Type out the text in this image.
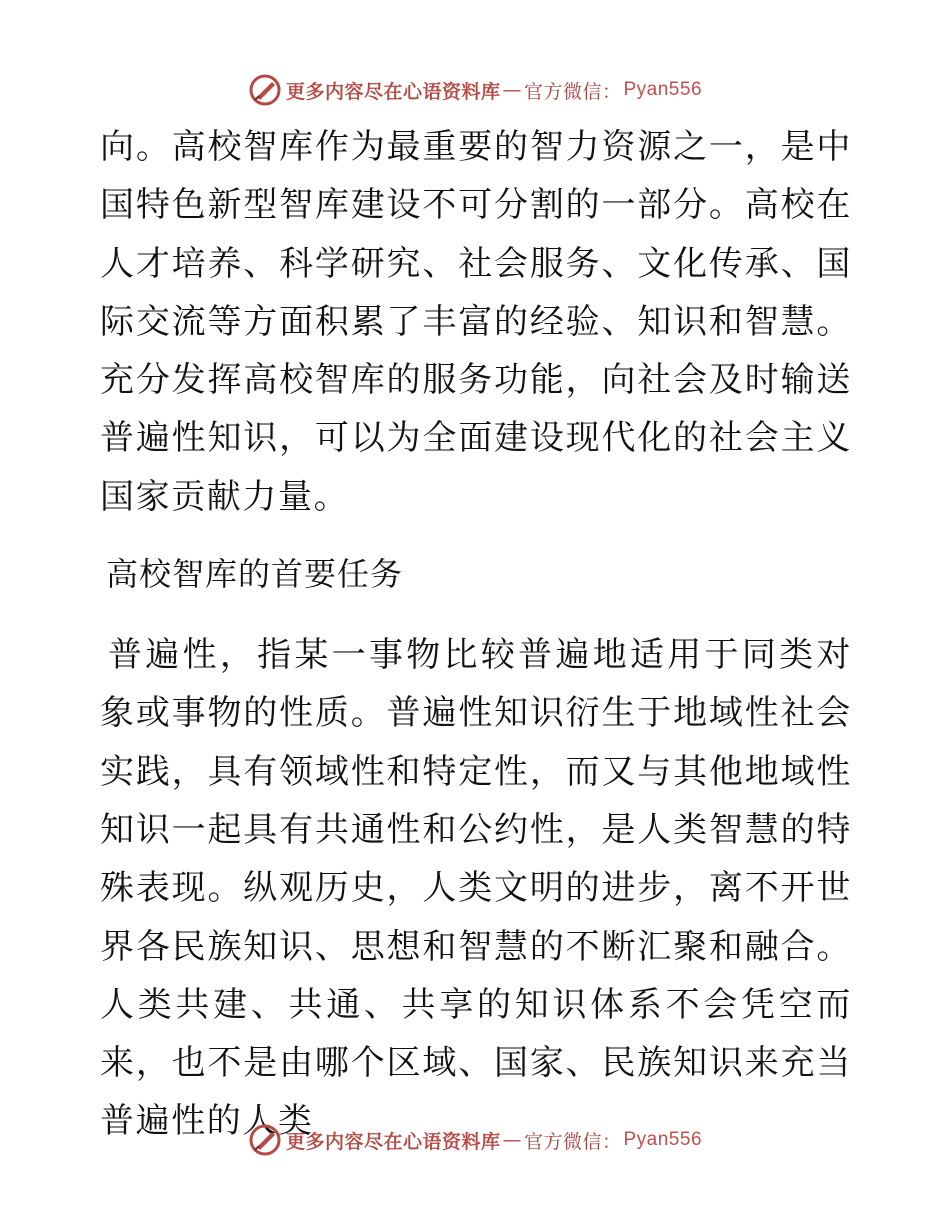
更多内容尽在心语资料库 — 官方微信： Pyan556

向。高校智库作为最重要的智力资源之一，是中国特色新型智库建设不可分割的一部分。高校在人才培养、科学研究、社会服务、文化传承、国际交流等方面积累了丰富的经验、知识和智慧。充分发挥高校智库的服务功能，向社会及时输送普遍性知识，可以为全面建设现代化的社会主义国家贡献力量。

高校智库的首要任务

普遍性，指某一事物比较普遍地适用于同类对象或事物的性质。普遍性知识衍生于地域性社会实践，具有领域性和特定性，而又与其他地域性知识一起具有共通性和公约性，是人类智慧的特殊表现。纵观历史，人类文明的进步，离不开世界各民族知识、思想和智慧的不断汇聚和融合。人类共建、共通、共享的知识体系不会凭空而来，也不是由哪个区域、国家、民族知识来充当普遍性的人类

更多内容尽在心语资料库 — 官方微信： Pyan556
